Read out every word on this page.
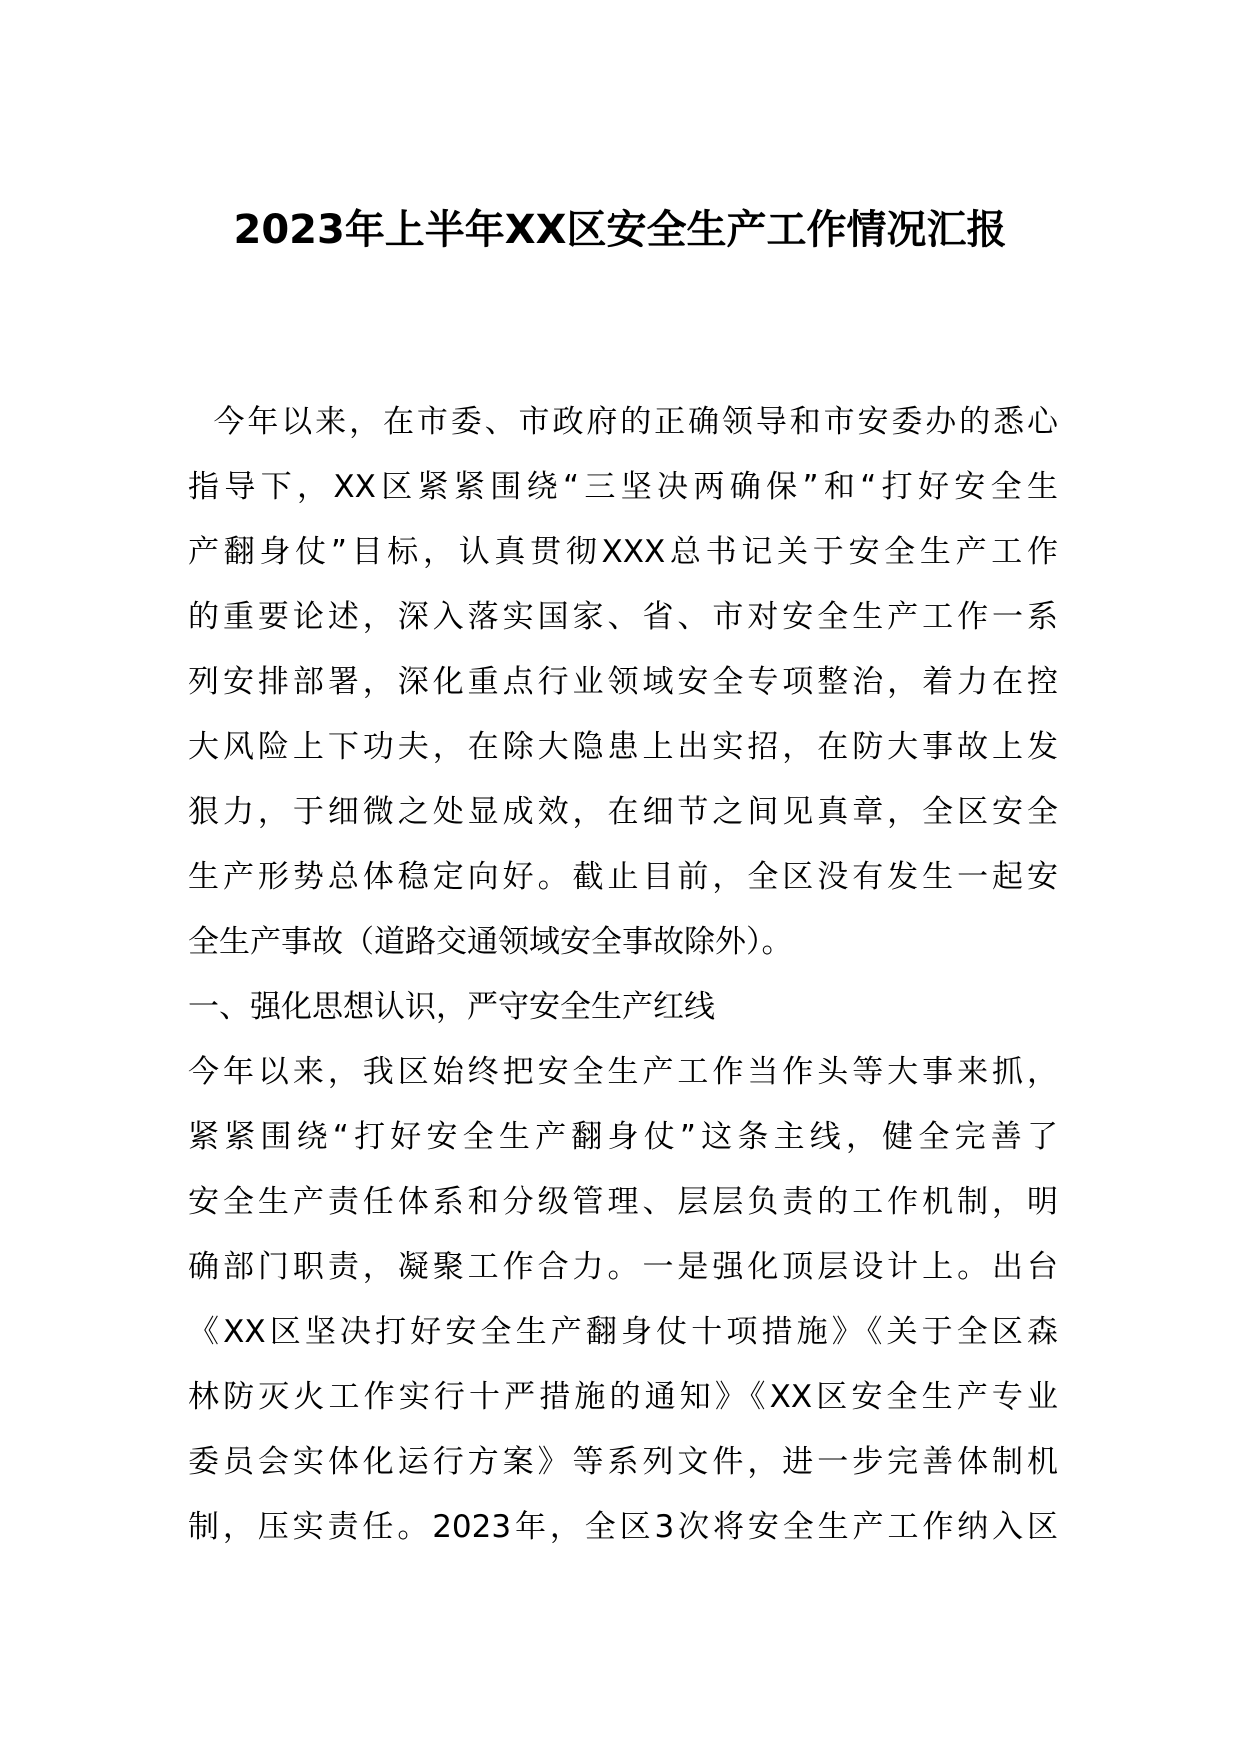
2023年上半年XX区安全生产工作情况汇报

今年以来，在市委、市政府的正确领导和市安委办的悉心

指导下，XX区紧紧围绕“三坚决两确保”和“打好安全生

产翻身仗”目标，认真贯彻XXX总书记关于安全生产工作

的重要论述，深入落实国家、省、市对安全生产工作一系

列安排部署，深化重点行业领域安全专项整治，着力在控

大风险上下功夫，在除大隐患上出实招，在防大事故上发

狠力，于细微之处显成效，在细节之间见真章，全区安全

生产形势总体稳定向好。截止目前，全区没有发生一起安

全生产事故（道路交通领域安全事故除外）。

一、强化思想认识，严守安全生产红线

今年以来，我区始终把安全生产工作当作头等大事来抓，

紧紧围绕“打好安全生产翻身仗”这条主线，健全完善了

安全生产责任体系和分级管理、层层负责的工作机制，明

确部门职责，凝聚工作合力。一是强化顶层设计上。出台

《XX区坚决打好安全生产翻身仗十项措施》《关于全区森

林防灭火工作实行十严措施的通知》《XX区安全生产专业

委员会实体化运行方案》等系列文件，进一步完善体制机

制，压实责任。2023年，全区3次将安全生产工作纳入区
